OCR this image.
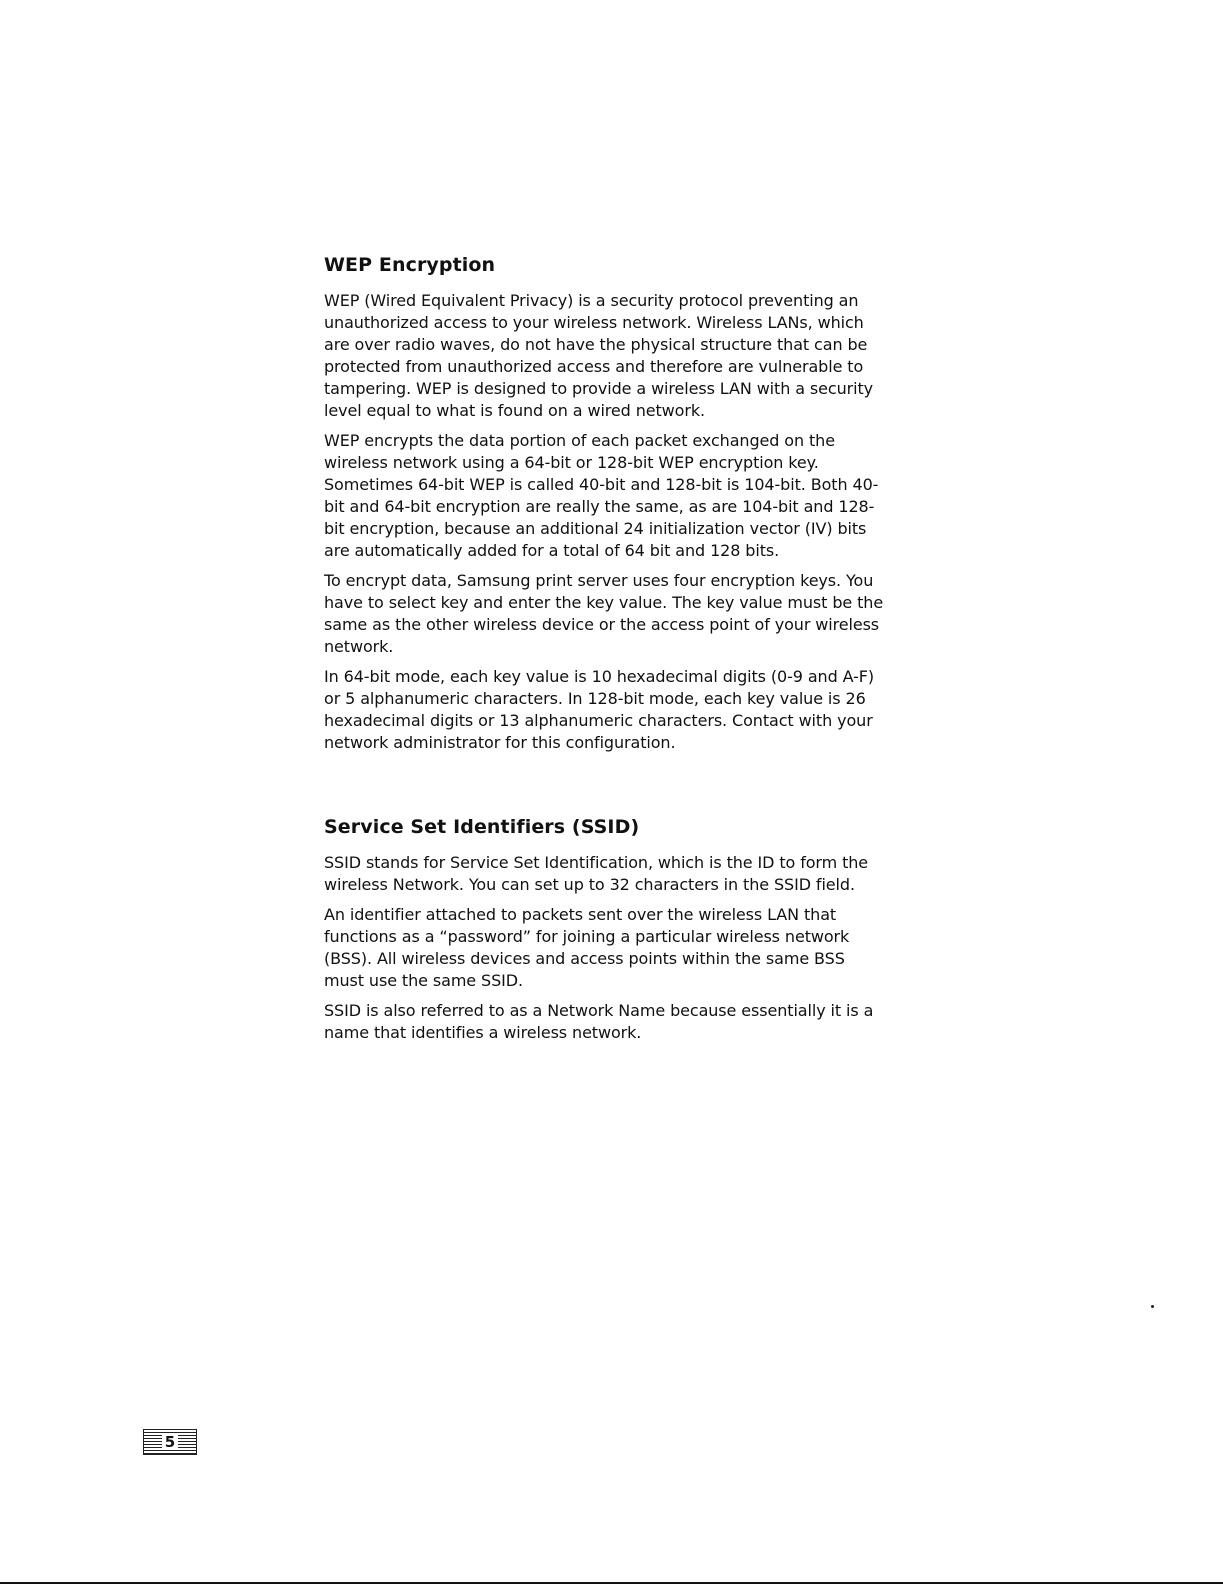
WEP Encryption

WEP (Wired Equivalent Privacy) is a security protocol preventing an unauthorized access to your wireless network. Wireless LANs, which are over radio waves, do not have the physical structure that can be protected from unauthorized access and therefore are vulnerable to tampering. WEP is designed to provide a wireless LAN with a security level equal to what is found on a wired network.

WEP encrypts the data portion of each packet exchanged on the wireless network using a 64-bit or 128-bit WEP encryption key. Sometimes 64-bit WEP is called 40-bit and 128-bit is 104-bit. Both 40-bit and 64-bit encryption are really the same, as are 104-bit and 128-bit encryption, because an additional 24 initialization vector (IV) bits are automatically added for a total of 64 bit and 128 bits.

To encrypt data, Samsung print server uses four encryption keys. You have to select key and enter the key value. The key value must be the same as the other wireless device or the access point of your wireless network.

In 64-bit mode, each key value is 10 hexadecimal digits (0-9 and A-F) or 5 alphanumeric characters. In 128-bit mode, each key value is 26 hexadecimal digits or 13 alphanumeric characters. Contact with your network administrator for this configuration.

Service Set Identifiers (SSID)

SSID stands for Service Set Identification, which is the ID to form the wireless Network. You can set up to 32 characters in the SSID field.

An identifier attached to packets sent over the wireless LAN that functions as a “password” for joining a particular wireless network (BSS). All wireless devices and access points within the same BSS must use the same SSID.

SSID is also referred to as a Network Name because essentially it is a name that identifies a wireless network.

5
